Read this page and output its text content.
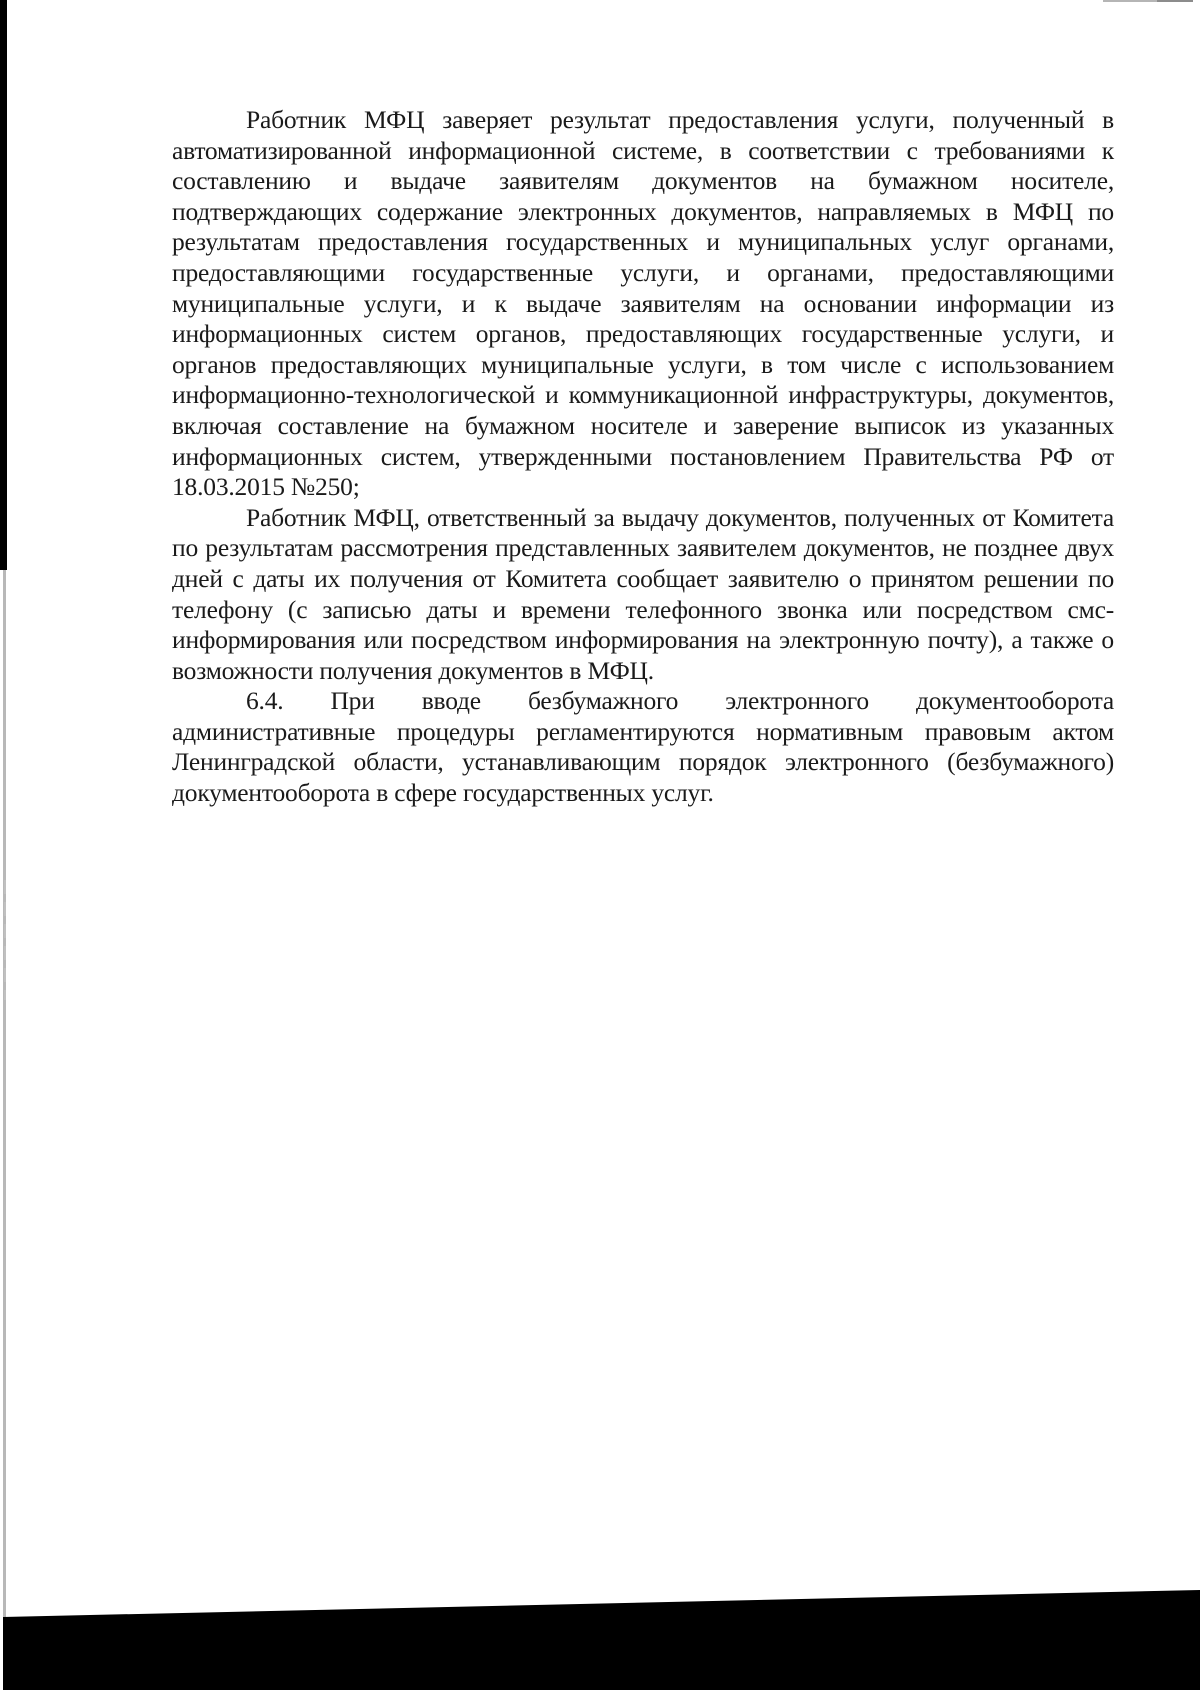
Работник МФЦ заверяет результат предоставления услуги, полученный в автоматизированной информационной системе, в соответствии с требованиями к составлению и выдаче заявителям документов на бумажном носителе, подтверждающих содержание электронных документов, направляемых в МФЦ по результатам предоставления государственных и муниципальных услуг органами, предоставляющими государственные услуги, и органами, предоставляющими муниципальные услуги, и к выдаче заявителям на основании информации из информационных систем органов, предоставляющих государственные услуги, и органов предоставляющих муниципальные услуги, в том числе с использованием информационно-технологической и коммуникационной инфраструктуры, документов, включая составление на бумажном носителе и заверение выписок из указанных информационных систем, утвержденными постановлением Правительства РФ от 18.03.2015 №250;

Работник МФЦ, ответственный за выдачу документов, полученных от Комитета по результатам рассмотрения представленных заявителем документов, не позднее двух дней с даты их получения от Комитета сообщает заявителю о принятом решении по телефону (с записью даты и времени телефонного звонка или посредством смс-информирования или посредством информирования на электронную почту), а также о возможности получения документов в МФЦ.

6.4. При вводе безбумажного электронного документооборота административные процедуры регламентируются нормативным правовым актом Ленинградской области, устанавливающим порядок электронного (безбумажного) документооборота в сфере государственных услуг.
